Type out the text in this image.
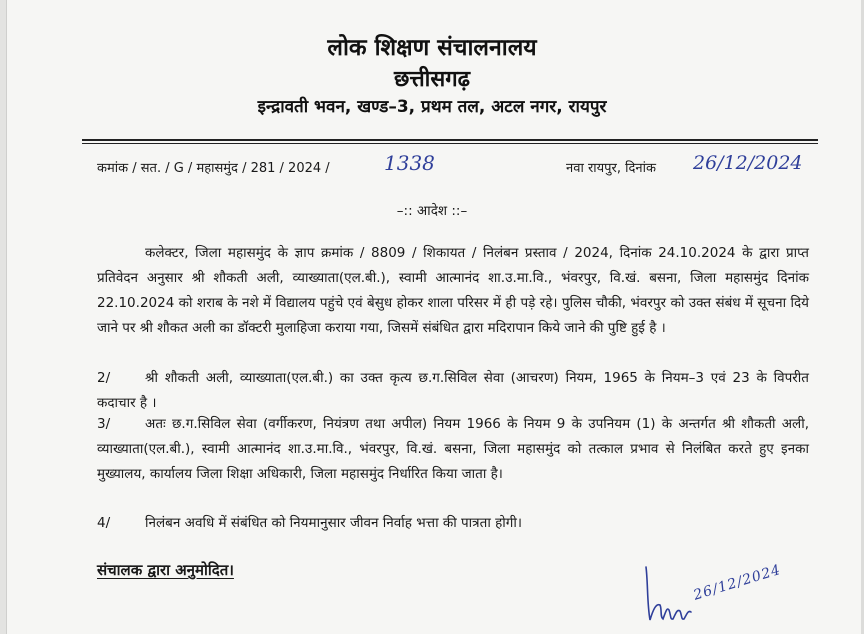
लोक शिक्षण संचालनालय
छत्तीसगढ़
इन्द्रावती भवन, खण्ड–3, प्रथम तल, अटल नगर, रायपुर
कमांक / सत. / G / महासमुंद / 281 / 2024 /	1338	नवा रायपुर, दिनांक 26/12/2024
–:: आदेश ::–
कलेक्टर, जिला महासमुंद के ज्ञाप क्रमांक / 8809 / शिकायत / निलंबन प्रस्ताव / 2024, दिनांक 24.10.2024 के द्वारा प्राप्त प्रतिवेदन अनुसार श्री शौकती अली, व्याख्याता(एल.बी.), स्वामी आत्मानंद शा.उ.मा.वि., भंवरपुर, वि.खं. बसना, जिला महासमुंद दिनांक 22.10.2024 को शराब के नशे में विद्यालय पहुंचे एवं बेसुध होकर शाला परिसर में ही पड़े रहे। पुलिस चौकी, भंवरपुर को उक्त संबंध में सूचना दिये जाने पर श्री शौकत अली का डॉक्टरी मुलाहिजा कराया गया, जिसमें संबंधित द्वारा मदिरापान किये जाने की पुष्टि हुई है ।
2/	श्री शौकती अली, व्याख्याता(एल.बी.) का उक्त कृत्य छ.ग.सिविल सेवा (आचरण) नियम, 1965 के नियम–3 एवं 23 के विपरीत कदाचार है ।
3/	अतः छ.ग.सिविल सेवा (वर्गीकरण, नियंत्रण तथा अपील) नियम 1966 के नियम 9 के उपनियम (1) के अन्तर्गत श्री शौकती अली, व्याख्याता(एल.बी.), स्वामी आत्मानंद शा.उ.मा.वि., भंवरपुर, वि.खं. बसना, जिला महासमुंद को तत्काल प्रभाव से निलंबित करते हुए इनका मुख्यालय, कार्यालय जिला शिक्षा अधिकारी, जिला महासमुंद निर्धारित किया जाता है।
4/	निलंबन अवधि में संबंधित को नियमानुसार जीवन निर्वाह भत्ता की पात्रता होगी।
संचालक द्वारा अनुमोदित।	26/12/2024
